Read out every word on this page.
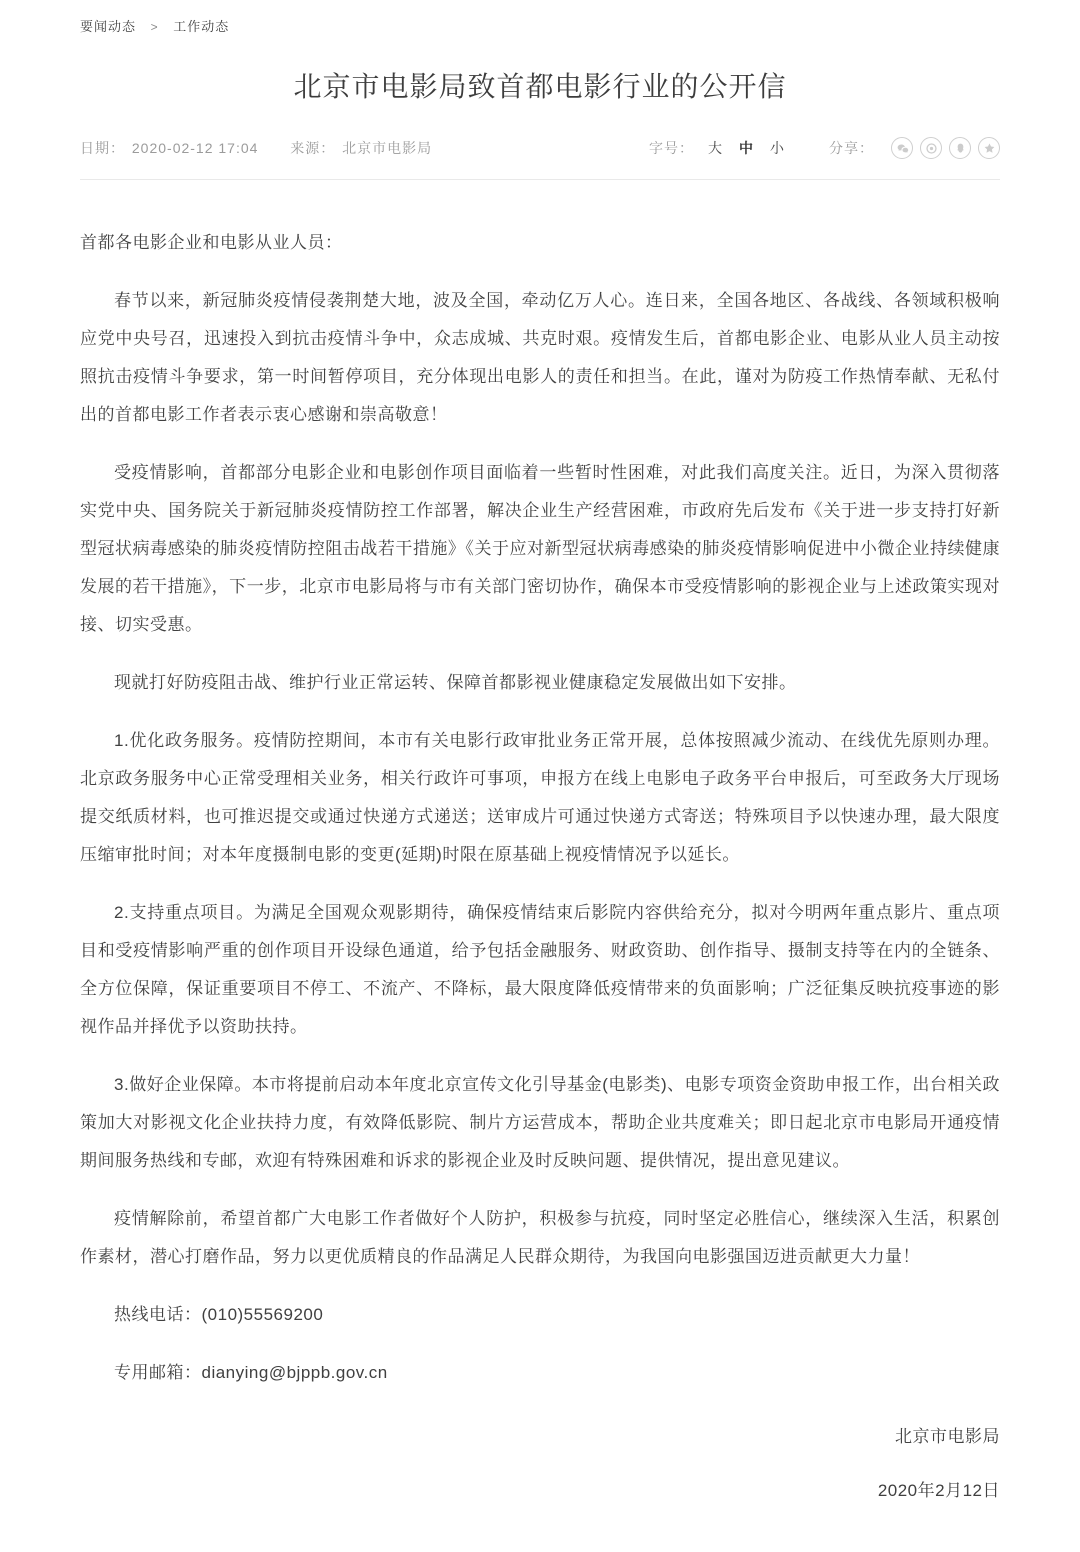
要闻动态 > 工作动态
北京市电影局致首都电影行业的公开信
日期： 2020-02-12 17:04 来源： 北京市电影局	字号： 大 中 小	分享：

首都各电影企业和电影从业人员：

春节以来，新冠肺炎疫情侵袭荆楚大地，波及全国，牵动亿万人心。连日来，全国各地区、各战线、各领域积极响应党中央号召，迅速投入到抗击疫情斗争中，众志成城、共克时艰。疫情发生后，首都电影企业、电影从业人员主动按照抗击疫情斗争要求，第一时间暂停项目，充分体现出电影人的责任和担当。在此，谨对为防疫工作热情奉献、无私付出的首都电影工作者表示衷心感谢和崇高敬意！

受疫情影响，首都部分电影企业和电影创作项目面临着一些暂时性困难，对此我们高度关注。近日，为深入贯彻落实党中央、国务院关于新冠肺炎疫情防控工作部署，解决企业生产经营困难，市政府先后发布《关于进一步支持打好新型冠状病毒感染的肺炎疫情防控阻击战若干措施》《关于应对新型冠状病毒感染的肺炎疫情影响促进中小微企业持续健康发展的若干措施》，下一步，北京市电影局将与市有关部门密切协作，确保本市受疫情影响的影视企业与上述政策实现对接、切实受惠。

现就打好防疫阻击战、维护行业正常运转、保障首都影视业健康稳定发展做出如下安排。

1.优化政务服务。疫情防控期间，本市有关电影行政审批业务正常开展，总体按照减少流动、在线优先原则办理。北京政务服务中心正常受理相关业务，相关行政许可事项，申报方在线上电影电子政务平台申报后，可至政务大厅现场提交纸质材料，也可推迟提交或通过快递方式递送；送审成片可通过快递方式寄送；特殊项目予以快速办理，最大限度压缩审批时间；对本年度摄制电影的变更(延期)时限在原基础上视疫情情况予以延长。

2.支持重点项目。为满足全国观众观影期待，确保疫情结束后影院内容供给充分，拟对今明两年重点影片、重点项目和受疫情影响严重的创作项目开设绿色通道，给予包括金融服务、财政资助、创作指导、摄制支持等在内的全链条、全方位保障，保证重要项目不停工、不流产、不降标，最大限度降低疫情带来的负面影响；广泛征集反映抗疫事迹的影视作品并择优予以资助扶持。

3.做好企业保障。本市将提前启动本年度北京宣传文化引导基金(电影类)、电影专项资金资助申报工作，出台相关政策加大对影视文化企业扶持力度，有效降低影院、制片方运营成本，帮助企业共度难关；即日起北京市电影局开通疫情期间服务热线和专邮，欢迎有特殊困难和诉求的影视企业及时反映问题、提供情况，提出意见建议。

疫情解除前，希望首都广大电影工作者做好个人防护，积极参与抗疫，同时坚定必胜信心，继续深入生活，积累创作素材，潜心打磨作品，努力以更优质精良的作品满足人民群众期待，为我国向电影强国迈进贡献更大力量！

热线电话：(010)55569200

专用邮箱：dianying@bjppb.gov.cn

北京市电影局

2020年2月12日
